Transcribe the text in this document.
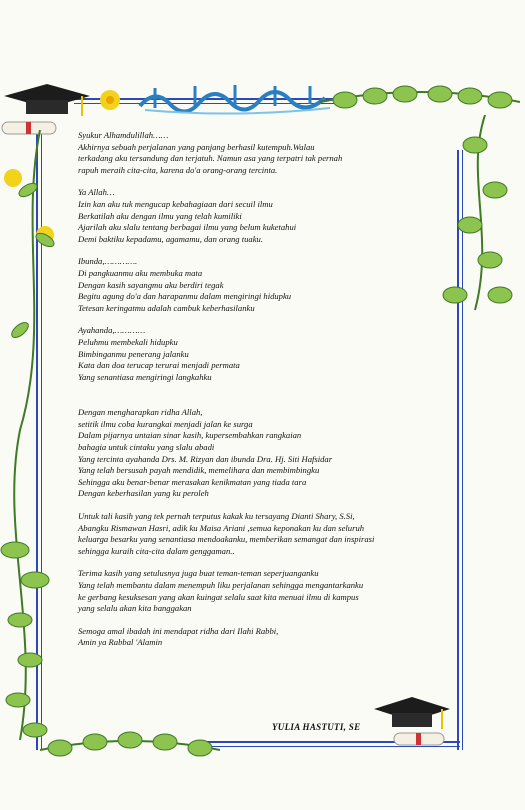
Syukur Alhamdulillah……

Akhirnya sebuah perjalanan yang panjang berhasil kutempuh.Walau

terkadang aku tersandung dan terjatuh. Namun asa yang terpatri tak pernah

rapuh meraih cita-cita, karena do'a orang-orang tercinta.

Ya Allah…

Izin kan aku tuk mengucap kebahagiaan dari secuil ilmu

Berkatilah aku dengan ilmu yang telah kumiliki

Ajarilah aku slalu tentang berbagai ilmu yang belum kuketahui

Demi baktiku kepadamu, agamamu, dan orang tuaku.

Ibunda,………….

Di pangkuanmu aku membuka mata

Dengan kasih sayangmu aku berdiri tegak

Begitu agung do'a dan harapanmu dalam mengiringi hidupku

Tetesan keringatmu adalah cambuk keberhasilanku

Ayahanda,…………

Peluhmu membekali hidupku

Bimbinganmu penerang jalanku

Kata dan doa terucap terurai menjadi permata

Yang senantiasa mengiringi langkahku

Dengan mengharapkan ridha Allah,

setitik ilmu coba kurangkai menjadi jalan ke surga

Dalam pijarnya untaian sinar kasih, kupersembahkan rangkaian

bahagia untuk cintaku yang slalu abadi

Yang tercinta ayahanda Drs. M. Rizyan dan ibunda Dra. Hj. Siti Hafsidar

Yang telah bersusah payah mendidik, memelihara dan membimbingku

Sehingga aku benar-benar merasakan kenikmatan yang tiada tara

Dengan keberhasilan yang ku peroleh

Untuk tali kasih yang tek pernah terputus kakak ku tersayang Dianti Shary, S.Si,

Abangku Rismawan Hasri, adik ku Maisa Ariani ,semua keponakan ku dan seluruh

keluarga besarku yang senantiasa mendoakanku, memberikan semangat dan inspirasi

sehingga kuraih cita-cita dalam genggaman..

Terima kasih yang setulusnya juga buat teman-teman seperjuanganku

Yang telah membantu dalam menempuh liku perjalanan sehingga mengantarkanku

ke gerbang kesuksesan yang akan kuingat selalu saat kita menuai ilmu di kampus

yang selalu akan kita banggakan

Semoga amal ibadah ini mendapat ridha dari Ilahi Rabbi,

Amin ya Rabbal 'Alamin

YULIA HASTUTI, SE
